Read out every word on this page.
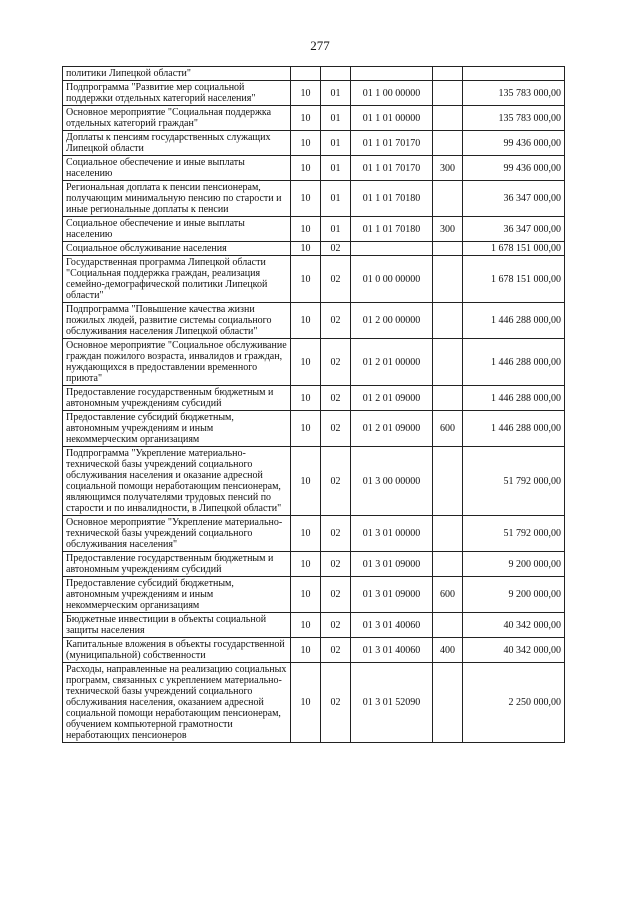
277
политики Липецкой области"					
Подпрограмма "Развитие мер социальной поддержки отдельных категорий населения"	10	01	01 1 00 00000		135 783 000,00
Основное мероприятие "Социальная поддержка отдельных категорий граждан"	10	01	01 1 01 00000		135 783 000,00
Доплаты к пенсиям государственных служащих Липецкой области	10	01	01 1 01 70170		99 436 000,00
Социальное обеспечение и иные выплаты населению	10	01	01 1 01 70170	300	99 436 000,00
Региональная доплата к пенсии пенсионерам, получающим минимальную пенсию по старости и иные региональные доплаты к пенсии	10	01	01 1 01 70180		36 347 000,00
Социальное обеспечение и иные выплаты населению	10	01	01 1 01 70180	300	36 347 000,00
Социальное обслуживание населения	10	02			1 678 151 000,00
Государственная программа Липецкой области "Социальная поддержка граждан, реализация семейно-демографической политики Липецкой области"	10	02	01 0 00 00000		1 678 151 000,00
Подпрограмма "Повышение качества жизни пожилых людей, развитие системы социального обслуживания населения Липецкой области"	10	02	01 2 00 00000		1 446 288 000,00
Основное мероприятие "Социальное обслуживание граждан пожилого возраста, инвалидов и граждан, нуждающихся в предоставлении временного приюта"	10	02	01 2 01 00000		1 446 288 000,00
Предоставление государственным бюджетным и автономным учреждениям субсидий	10	02	01 2 01 09000		1 446 288 000,00
Предоставление субсидий бюджетным, автономным учреждениям и иным некоммерческим организациям	10	02	01 2 01 09000	600	1 446 288 000,00
Подпрограмма "Укрепление материально-технической базы учреждений социального обслуживания населения и оказание адресной социальной помощи неработающим пенсионерам, являющимся получателями трудовых пенсий по старости и по инвалидности, в Липецкой области"	10	02	01 3 00 00000		51 792 000,00
Основное мероприятие "Укрепление материально-технической базы учреждений социального обслуживания населения"	10	02	01 3 01 00000		51 792 000,00
Предоставление государственным бюджетным и автономным учреждениям субсидий	10	02	01 3 01 09000		9 200 000,00
Предоставление субсидий бюджетным, автономным учреждениям и иным некоммерческим организациям	10	02	01 3 01 09000	600	9 200 000,00
Бюджетные инвестиции в объекты социальной защиты населения	10	02	01 3 01 40060		40 342 000,00
Капитальные вложения в объекты государственной (муниципальной) собственности	10	02	01 3 01 40060	400	40 342 000,00
Расходы, направленные на реализацию социальных программ, связанных с укреплением материально-технической базы учреждений социального обслуживания населения, оказанием адресной социальной помощи неработающим пенсионерам, обучением компьютерной грамотности неработающих пенсионеров	10	02	01 3 01 52090		2 250 000,00
